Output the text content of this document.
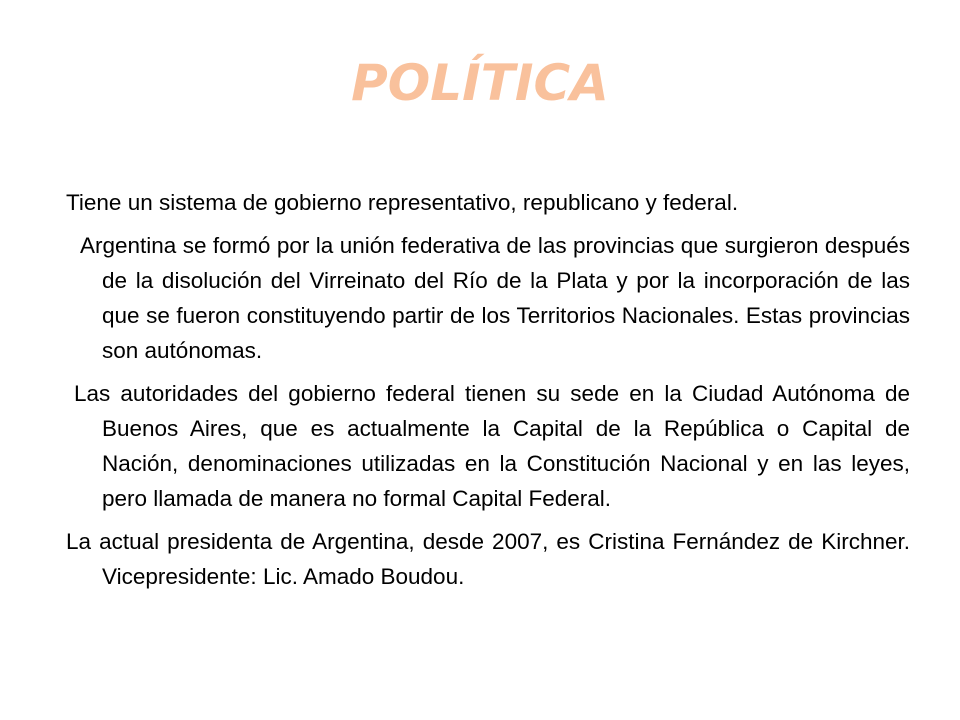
POLÍTICA

Tiene un sistema de gobierno representativo, republicano y federal.

Argentina se formó por la unión federativa de las provincias que surgieron después de la disolución del Virreinato del Río de la Plata y por la incorporación de las que se fueron constituyendo partir de los Territorios Nacionales. Estas provincias son autónomas.

Las autoridades del gobierno federal tienen su sede en la Ciudad Autónoma de Buenos Aires, que es actualmente la Capital de la República o Capital de Nación, denominaciones utilizadas en la Constitución Nacional y en las leyes, pero llamada de manera no formal Capital Federal.

La actual presidenta de Argentina, desde 2007, es Cristina Fernández de Kirchner. Vicepresidente: Lic. Amado Boudou.
